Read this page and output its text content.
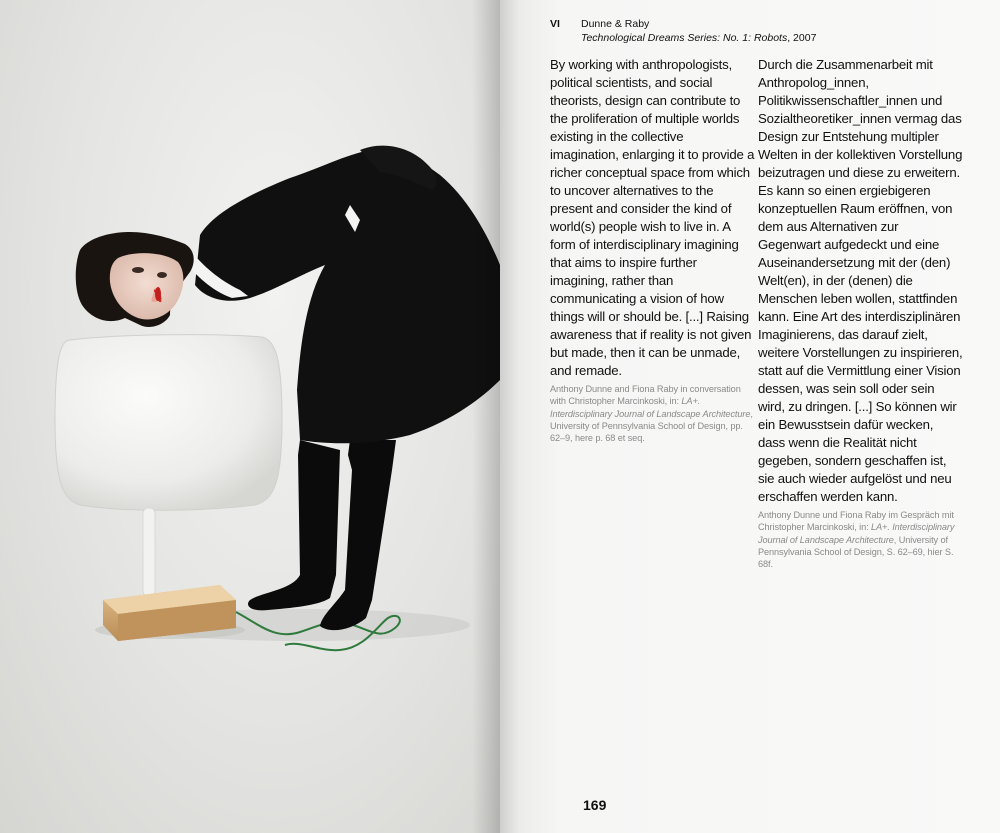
VI Dunne & Raby
Technological Dreams Series: No. 1: Robots, 2007

By working with anthropologists, political scientists, and social theorists, design can contribute to the proliferation of multiple worlds existing in the collective imagination, enlarging it to provide a richer conceptual space from which to uncover alternatives to the present and consider the kind of world(s) people wish to live in. A form of interdisciplinary imagining that aims to inspire further imagining, rather than communicating a vision of how things will or should be. [...] Raising awareness that if reality is not given but made, then it can be unmade, and remade.

Anthony Dunne and Fiona Raby in conversation with Christopher Marcinkoski, in: LA+. Interdisciplinary Journal of Landscape Architecture, University of Pennsylvania School of Design, pp. 62–9, here p. 68 et seq.

Durch die Zusammenarbeit mit Anthropolog_innen, Politikwissenschaftler_innen und Sozialtheoretiker_innen vermag das Design zur Entstehung multipler Welten in der kollektiven Vorstellung beizutragen und diese zu erweitern. Es kann so einen ergiebigeren konzeptuellen Raum eröffnen, von dem aus Alternativen zur Gegenwart aufgedeckt und eine Auseinandersetzung mit der (den) Welt(en), in der (denen) die Menschen leben wollen, stattfinden kann. Eine Art des interdisziplinären Imaginierens, das darauf zielt, weitere Vorstellungen zu inspirieren, statt auf die Vermittlung einer Vision dessen, was sein soll oder sein wird, zu dringen. [...] So können wir ein Bewusstsein dafür wecken, dass wenn die Realität nicht gegeben, sondern geschaffen ist, sie auch wieder aufgelöst und neu erschaffen werden kann.

Anthony Dunne und Fiona Raby im Gespräch mit Christopher Marcinkoski, in: LA+. Interdisciplinary Journal of Landscape Architecture, University of Pennsylvania School of Design, S. 62–69, hier S. 68f.

169
